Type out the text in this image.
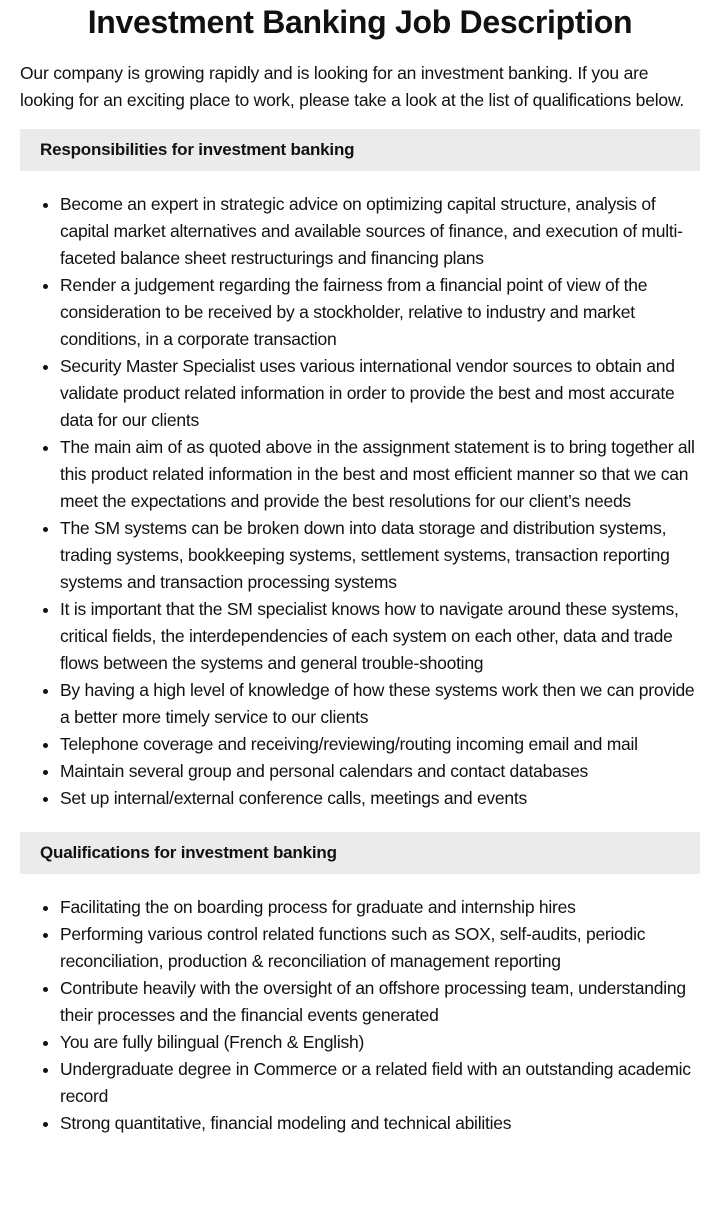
Investment Banking Job Description

Our company is growing rapidly and is looking for an investment banking. If you are looking for an exciting place to work, please take a look at the list of qualifications below.

Responsibilities for investment banking
• Become an expert in strategic advice on optimizing capital structure, analysis of capital market alternatives and available sources of finance, and execution of multi-faceted balance sheet restructurings and financing plans
• Render a judgement regarding the fairness from a financial point of view of the consideration to be received by a stockholder, relative to industry and market conditions, in a corporate transaction
• Security Master Specialist uses various international vendor sources to obtain and validate product related information in order to provide the best and most accurate data for our clients
• The main aim of as quoted above in the assignment statement is to bring together all this product related information in the best and most efficient manner so that we can meet the expectations and provide the best resolutions for our client’s needs
• The SM systems can be broken down into data storage and distribution systems, trading systems, bookkeeping systems, settlement systems, transaction reporting systems and transaction processing systems
• It is important that the SM specialist knows how to navigate around these systems, critical fields, the interdependencies of each system on each other, data and trade flows between the systems and general trouble-shooting
• By having a high level of knowledge of how these systems work then we can provide a better more timely service to our clients
• Telephone coverage and receiving/reviewing/routing incoming email and mail
• Maintain several group and personal calendars and contact databases
• Set up internal/external conference calls, meetings and events
Qualifications for investment banking
• Facilitating the on boarding process for graduate and internship hires
• Performing various control related functions such as SOX, self-audits, periodic reconciliation, production & reconciliation of management reporting
• Contribute heavily with the oversight of an offshore processing team, understanding their processes and the financial events generated
• You are fully bilingual (French & English)
• Undergraduate degree in Commerce or a related field with an outstanding academic record
• Strong quantitative, financial modeling and technical abilities
